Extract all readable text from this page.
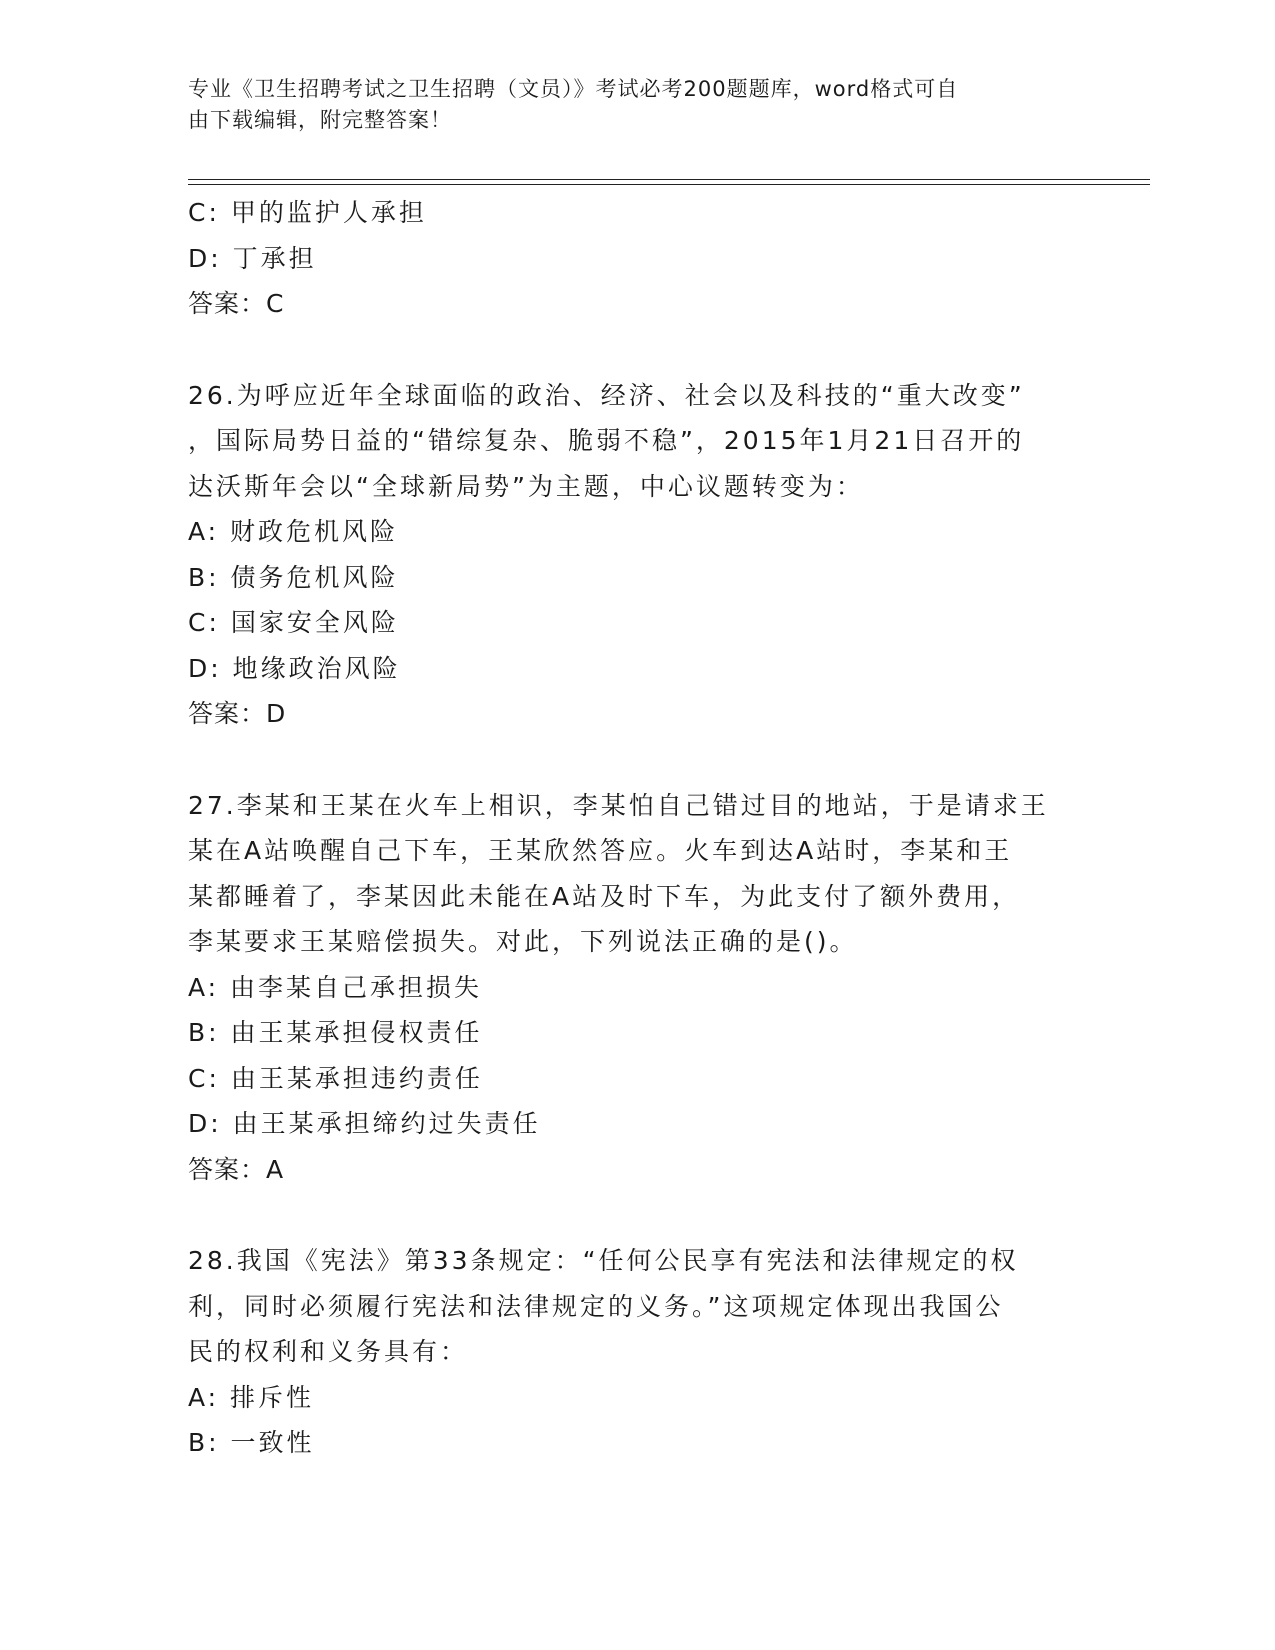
专业《卫生招聘考试之卫生招聘（文员）》考试必考200题题库，word格式可自
由下载编辑，附完整答案！
C: 甲的监护人承担
D: 丁承担
答案：C
26.为呼应近年全球面临的政治、经济、社会以及科技的“重大改变”
，国际局势日益的“错综复杂、脆弱不稳”，2015年1月21日召开的
达沃斯年会以“全球新局势”为主题，中心议题转变为：
A: 财政危机风险
B: 债务危机风险
C: 国家安全风险
D: 地缘政治风险
答案：D
27.李某和王某在火车上相识，李某怕自己错过目的地站，于是请求王
某在A站唤醒自己下车，王某欣然答应。火车到达A站时，李某和王
某都睡着了，李某因此未能在A站及时下车，为此支付了额外费用，
李某要求王某赔偿损失。对此，下列说法正确的是()。
A: 由李某自己承担损失
B: 由王某承担侵权责任
C: 由王某承担违约责任
D: 由王某承担缔约过失责任
答案：A
28.我国《宪法》第33条规定：“任何公民享有宪法和法律规定的权
利，同时必须履行宪法和法律规定的义务。”这项规定体现出我国公
民的权利和义务具有：
A: 排斥性
B: 一致性
